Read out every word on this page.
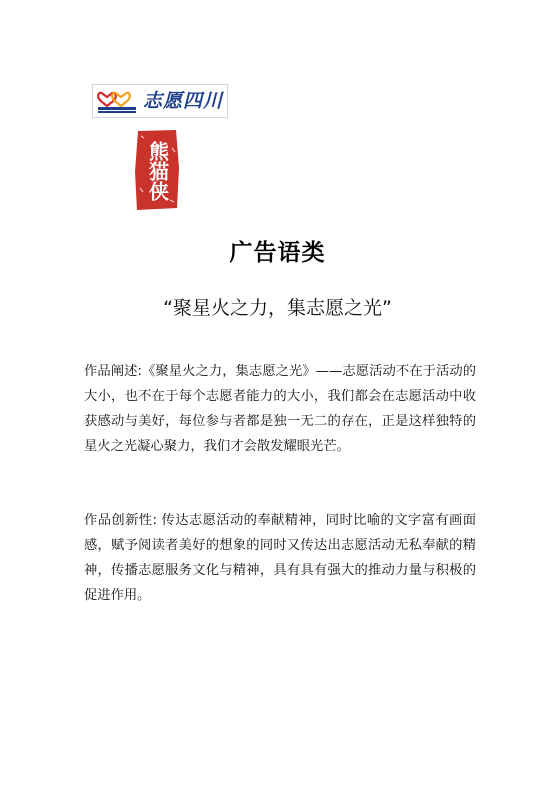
志愿四川
熊猫侠
广告语类
“聚星火之力，集志愿之光”

作品阐述:《聚星火之力，集志愿之光》——志愿活动不在于活动的大小，也不在于每个志愿者能力的大小，我们都会在志愿活动中收获感动与美好，每位参与者都是独一无二的存在，正是这样独特的星火之光凝心聚力，我们才会散发耀眼光芒。

作品创新性: 传达志愿活动的奉献精神，同时比喻的文字富有画面感，赋予阅读者美好的想象的同时又传达出志愿活动无私奉献的精神，传播志愿服务文化与精神，具有具有强大的推动力量与积极的促进作用。
